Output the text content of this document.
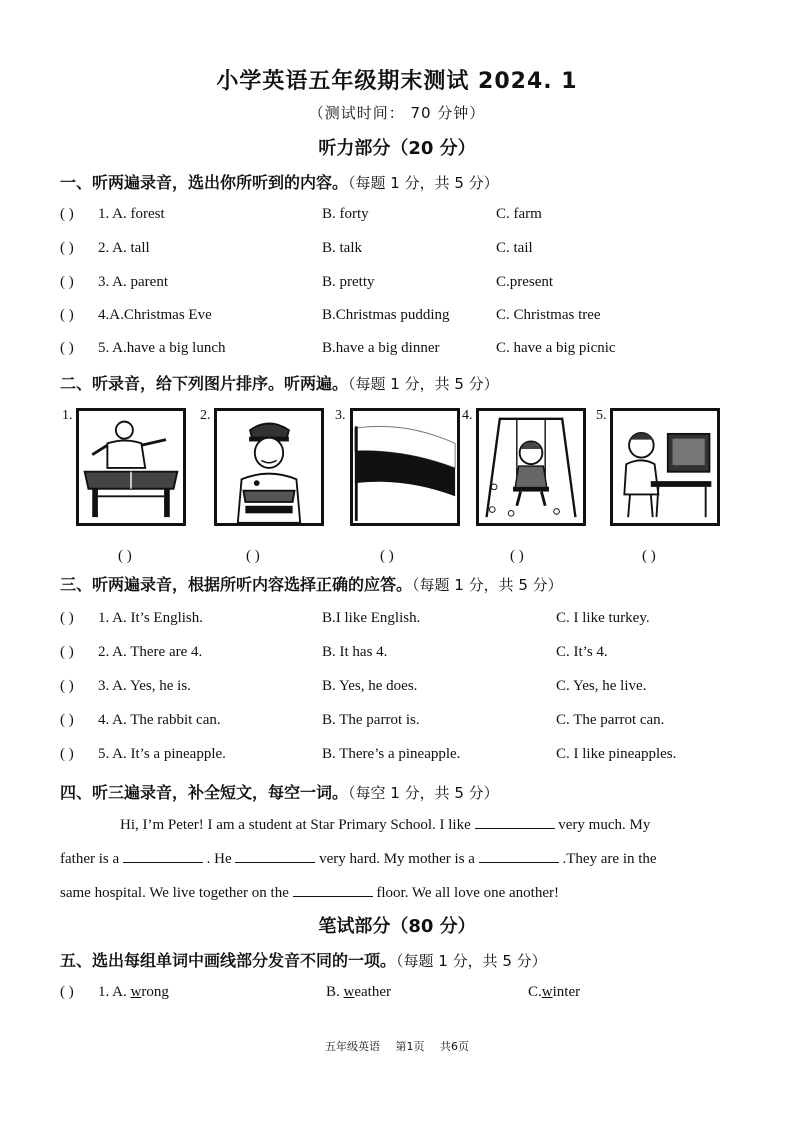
小学英语五年级期末测试 2024. 1
（测试时间： 70 分钟）
听力部分（20 分）
一、听两遍录音，选出你所听到的内容。（每题 1 分，共 5 分）
( ) 1. A. forest	B. forty	C. farm
( ) 2. A. tall	B. talk	C. tail
( ) 3. A. parent	B. pretty	C.present
( ) 4.A.Christmas Eve	B.Christmas pudding	C. Christmas tree
( ) 5. A.have a big lunch	B.have a big dinner	C. have a big picnic
二、听录音，给下列图片排序。听两遍。（每题 1 分，共 5 分）
1.
( )
2.
( )
3.
( )
4.
( )
5.
( )
三、听两遍录音，根据所听内容选择正确的应答。（每题 1 分，共 5 分）
( ) 1. A. It’s English.	B.I like English.	C. I like turkey.
( ) 2. A. There are 4.	B. It has 4.	C. It’s 4.
( ) 3. A. Yes, he is.	B. Yes, he does.	C. Yes, he live.
( ) 4. A. The rabbit can.	B. The parrot is.	C. The parrot can.
( ) 5. A. It’s a pineapple.	B. There’s a pineapple.	C. I like pineapples.
四、听三遍录音，补全短文，每空一词。（每空 1 分，共 5 分）
Hi, I’m Peter! I am a student at Star Primary School. I like	very much. My
father is a	. He	very hard. My mother is a	.They are in the
same hospital. We live together on the	floor. We all love one another!
笔试部分（80 分）
五、选出每组单词中画线部分发音不同的一项。（每题 1 分，共 5 分）
( ) 1. A. wrong	B. weather	C.winter
五年级英语 第1页 共6页
